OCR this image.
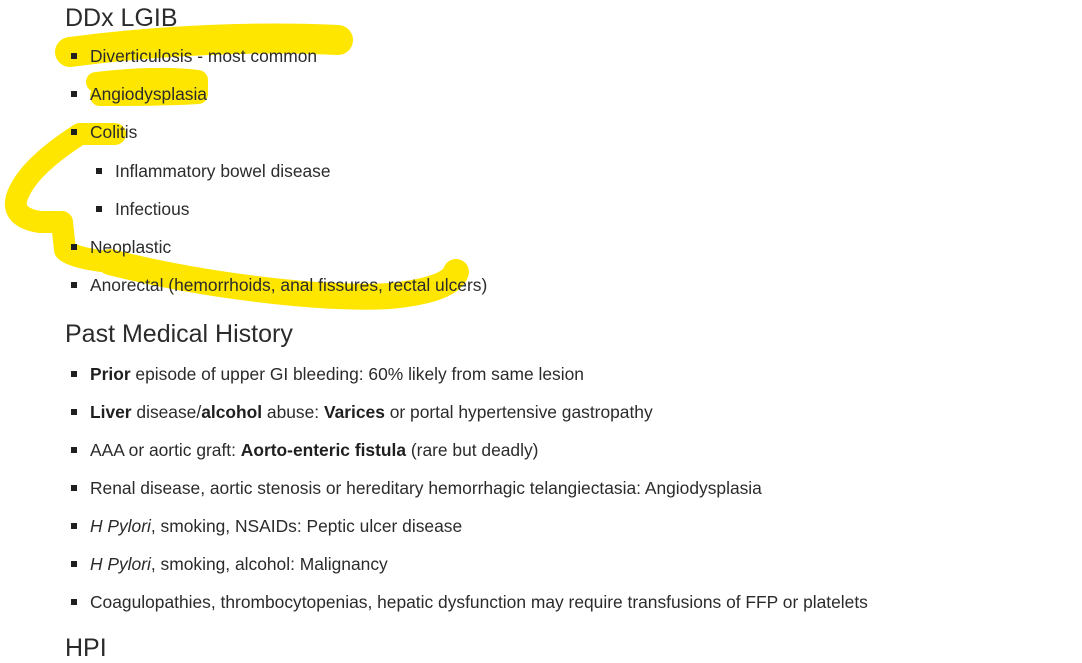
DDx LGIB
Diverticulosis - most common
Angiodysplasia
Colitis
Inflammatory bowel disease
Infectious
Neoplastic
Anorectal (hemorrhoids, anal fissures, rectal ulcers)
Past Medical History
Prior episode of upper GI bleeding: 60% likely from same lesion
Liver disease/alcohol abuse: Varices or portal hypertensive gastropathy
AAA or aortic graft: Aorto-enteric fistula (rare but deadly)
Renal disease, aortic stenosis or hereditary hemorrhagic telangiectasia: Angiodysplasia
H Pylori, smoking, NSAIDs: Peptic ulcer disease
H Pylori, smoking, alcohol: Malignancy
Coagulopathies, thrombocytopenias, hepatic dysfunction may require transfusions of FFP or platelets
HPI
